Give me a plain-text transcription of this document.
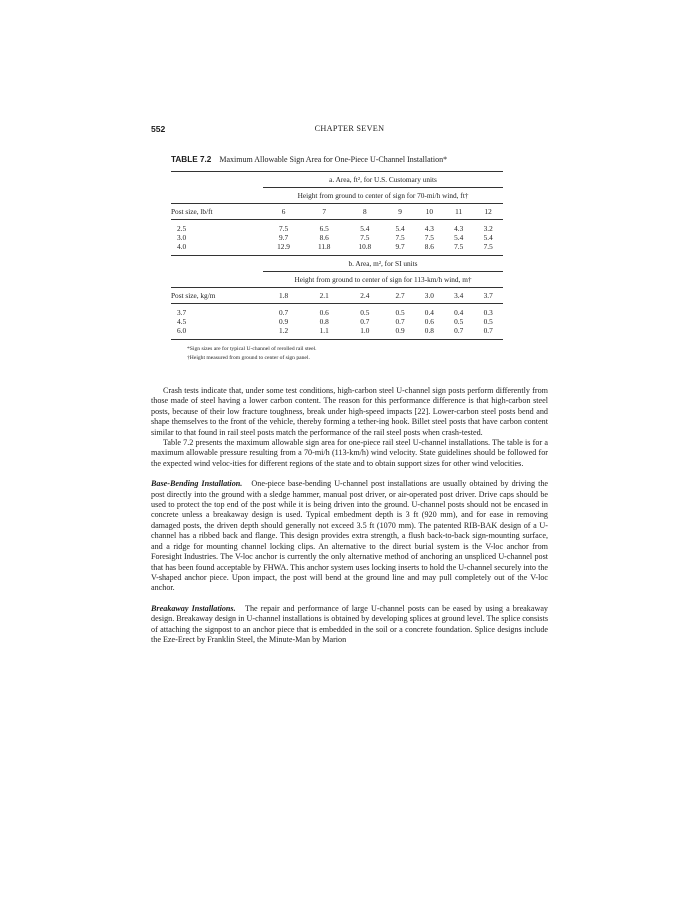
552	CHAPTER SEVEN
TABLE 7.2 Maximum Allowable Sign Area for One-Piece U-Channel Installation*
	a. Area, ft², for U.S. Customary units						
	Height from ground to center of sign for 70-mi/h wind, ft†						
Post size, lb/ft	6	7	8	9	10	11	12
2.5	7.5	6.5	5.4	5.4	4.3	4.3	3.2
3.0	9.7	8.6	7.5	7.5	7.5	5.4	5.4
4.0	12.9	11.8	10.8	9.7	8.6	7.5	7.5
	b. Area, m², for SI units						
	Height from ground to center of sign for 113-km/h wind, m†						
Post size, kg/m	1.8	2.1	2.4	2.7	3.0	3.4	3.7
3.7	0.7	0.6	0.5	0.5	0.4	0.4	0.3
4.5	0.9	0.8	0.7	0.7	0.6	0.5	0.5
6.0	1.2	1.1	1.0	0.9	0.8	0.7	0.7

*Sign sizes are for typical U-channel of rerolled rail steel.
†Height measured from ground to center of sign panel.

Crash tests indicate that, under some test conditions, high-carbon steel U-channel sign posts perform differently from those made of steel having a lower carbon content. The reason for this performance difference is that high-carbon steel posts, because of their low fracture toughness, break under high-speed impacts [22]. Lower-carbon steel posts bend and shape themselves to the front of the vehicle, thereby forming a tether-ing hook. Billet steel posts that have carbon content similar to that found in rail steel posts match the performance of the rail steel posts when crash-tested.

Table 7.2 presents the maximum allowable sign area for one-piece rail steel U-channel installations. The table is for a maximum allowable pressure resulting from a 70-mi/h (113-km/h) wind velocity. State guidelines should be followed for the expected wind veloc-ities for different regions of the state and to obtain support sizes for other wind velocities.

Base-Bending Installation. One-piece base-bending U-channel post installations are usually obtained by driving the post directly into the ground with a sledge hammer, manual post driver, or air-operated post driver. Drive caps should be used to protect the top end of the post while it is being driven into the ground. U-channel posts should not be encased in concrete unless a breakaway design is used. Typical embedment depth is 3 ft (920 mm), and for ease in removing damaged posts, the driven depth should generally not exceed 3.5 ft (1070 mm). The patented RIB-BAK design of a U-channel has a ribbed back and flange. This design provides extra strength, a flush back-to-back sign-mounting surface, and a ridge for mounting channel locking clips. An alternative to the direct burial system is the V-loc anchor from Foresight Industries. The V-loc anchor is currently the only alternative method of anchoring an unspliced U-channel post that has been found acceptable by FHWA. This anchor system uses locking inserts to hold the U-channel securely into the V-shaped anchor piece. Upon impact, the post will bend at the ground line and may pull completely out of the V-loc anchor.

Breakaway Installations. The repair and performance of large U-channel posts can be eased by using a breakaway design. Breakaway design in U-channel installations is obtained by developing splices at ground level. The splice consists of attaching the signpost to an anchor piece that is embedded in the soil or a concrete foundation. Splice designs include the Eze-Erect by Franklin Steel, the Minute-Man by Marion
